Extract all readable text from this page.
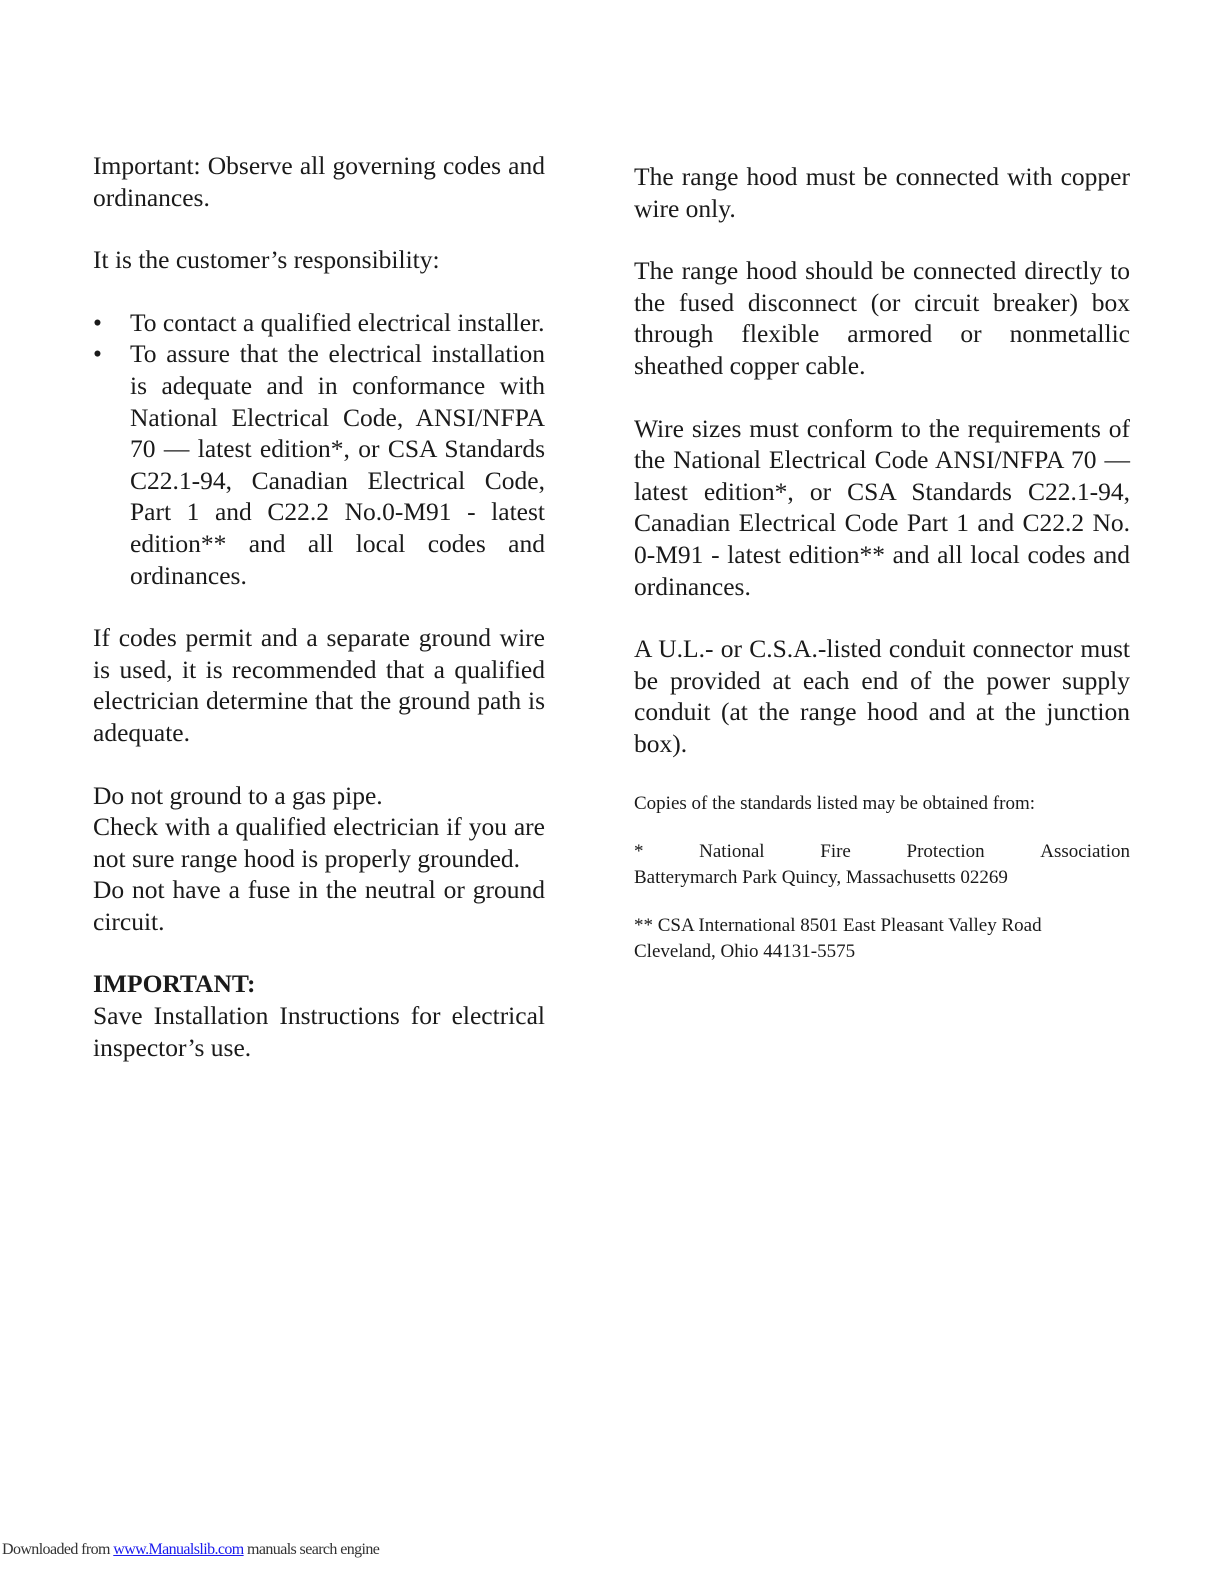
Important: Observe all governing codes and ordinances.

It is the customer’s responsibility:

• To contact a qualified electrical installer.
• To assure that the electrical installation is adequate and in conformance with National Electrical Code, ANSI/NFPA 70 — latest edition*, or CSA Standards C22.1-94, Canadian Electrical Code, Part 1 and C22.2 No.0-M91 - latest edition** and all local codes and ordinances.

If codes permit and a separate ground wire is used, it is recommended that a qualified electrician determine that the ground path is adequate.

Do not ground to a gas pipe.

Check with a qualified electrician if you are not sure range hood is properly grounded.

Do not have a fuse in the neutral or ground circuit.

IMPORTANT:

Save Installation Instructions for electrical inspector’s use.

The range hood must be connected with copper wire only.

The range hood should be connected directly to the fused disconnect (or circuit breaker) box through flexible armored or nonmetallic sheathed copper cable.

Wire sizes must conform to the requirements of the National Electrical Code ANSI/NFPA 70 — latest edition*, or CSA Standards C22.1-94, Canadian Electrical Code Part 1 and C22.2 No. 0-M91 - latest edition** and all local codes and ordinances.

A U.L.- or C.S.A.-listed conduit connector must be provided at each end of the power supply conduit (at the range hood and at the junction box).

Copies of the standards listed may be obtained from:

*	National	Fire	Protection	Association
Batterymarch Park Quincy, Massachusetts 02269
** CSA International 8501 East Pleasant Valley Road
Cleveland, Ohio 44131-5575
Downloaded from www.Manualslib.com manuals search engine
